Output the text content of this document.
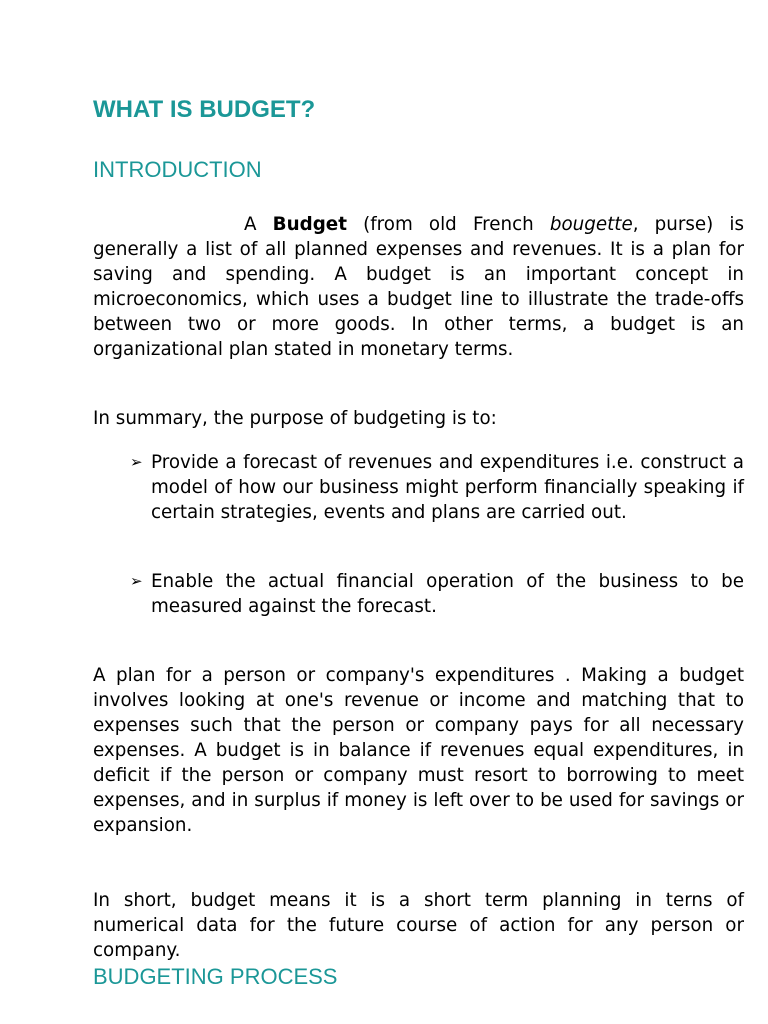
WHAT IS BUDGET?
INTRODUCTION

A Budget (from old French bougette, purse) is generally a list of all planned expenses and revenues. It is a plan for saving and spending. A budget is an important concept in microeconomics, which uses a budget line to illustrate the trade-offs between two or more goods. In other terms, a budget is an organizational plan stated in monetary terms.

In summary, the purpose of budgeting is to:

➢ Provide a forecast of revenues and expenditures i.e. construct a model of how our business might perform financially speaking if certain strategies, events and plans are carried out.
➢ Enable the actual financial operation of the business to be measured against the forecast.

A plan for a person or company's expenditures . Making a budget involves looking at one's revenue or income and matching that to expenses such that the person or company pays for all necessary expenses. A budget is in balance if revenues equal expenditures, in deficit if the person or company must resort to borrowing to meet expenses, and in surplus if money is left over to be used for savings or expansion.

In short, budget means it is a short term planning in terns of numerical data for the future course of action for any person or company.

BUDGETING PROCESS
